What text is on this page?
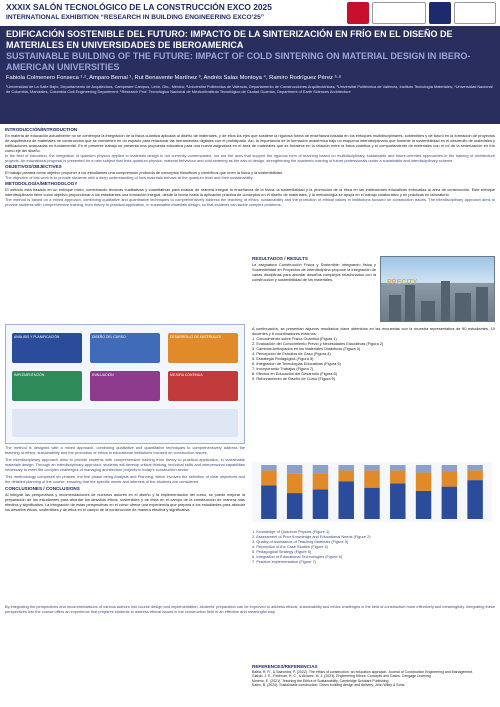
XXXIX SALÓN TECNOLÓGICO DE LA CONSTRUCCIÓN EXCO 2025
INTERNATIONAL EXHIBITION “RESEARCH IN BUILDING ENGINEERING EXCO’25”
EDIFICACIÓN SOSTENIBLE DEL FUTURO: IMPACTO DE LA SINTERIZACIÓN EN FRÍO EN EL DISEÑO DE MATERIALES EN UNIVERSIDADES DE IBEROAMERICA
SUSTAINABLE BUILDING OF THE FUTURE: IMPACT OF COLD SINTERING ON MATERIAL DESIGN IN IBERO-AMERICAN UNIVERSITIES
Fabiola Colmenero Fonseca ¹·², Amparo Bernal ¹, Rut Benavente Martínez ³, Andrés Salas Montoya ⁴, Ramiro Rodríguez Pérez ⁵·⁶
¹Universidad de La Salle Bajío, Departamento de Arquitectura, Campestre Campus, León, Gto., México; ²Universitat Politècnica de València, Departamento de Construcciones Arquitectónicas; ³Universitat Politècnica de València, Instituto Tecnología Materiales; ⁴Universidad Nacional de Colombia, Manizales, Colombia Civil Engineering Department; ⁵Research Prof. Tecnológico Nacional de México/Instituto Tecnológico de Ciudad Guzmán, Department of Earth Sciences Architecture
INTRODUCCIÓN/INTRODUCTION
En materia de educación actualmente no se contempla la integración de la física cuántica aplicada al diseño de materiales, y de ellos los ejes que sostiene la rigurosa forma de enseñanza basada en los enfoques multidisciplinares, sostenibles y de futuro en la formación de proyectos de arquitectura de materiales de construcción que se convierten en un espacio para relacionar las herramientas digitales con el prototipado. Así, la importancia de la formación académica bajo un esquema interdisciplinario que fomente la sostenibilidad en el desarrollo de materiales y edificaciones avanzadas es fundamental. En el presente trabajo se presenta una propuesta educativa para una nueva asignatura en el área de materiales que se fortalece en la relación entre la física cuántica y el comportamiento de materiales con el rol de la sinterización en frío como eje del diseño.
In the field of education, the integration of quantum physics applied to materials design is not currently contemplated, nor are the axes that support the rigorous form of teaching based on multidisciplinary, sustainable and future-oriented approaches in the training of architecture projects. An educational proposal is presented for a new subject that links quantum physics, material behaviour and cold sintering as the axis of design, strengthening the academic training of future professionals under a sustainable and interdisciplinary scheme.
OBJETIVOS/OBJECTIVES
El trabajo plantea como objetivo proponer a los estudiantes una comprensión profunda de conceptos filosóficos y científicos que unen la física y la sostenibilidad.
The objective of this work is to provide students with a deep understanding of how materials behave at the quantum level and their sustainability.
METODOLOGÍA/METHODOLOGY
El método está basado en un enfoque mixto, combinando técnicas cualitativas y cuantitativas para evaluar de manera integral la enseñanza de la física, la sostenibilidad y la promoción de la ética en las instituciones educativas enfocadas al área de construcción. Este enfoque interdisciplinario tiene como objetivo proporcionar a los estudiantes una formación integral, desde la teoría hasta la aplicación práctica de conceptos en el diseño de materiales, y la metodología se apoya en el trabajo colaborativo y en prácticas en laboratorio.
The method is based on a mixed approach, combining qualitative and quantitative techniques to comprehensively address the teaching of ethics, sustainability and the promotion of ethical values in institutions focused on construction issues. The interdisciplinary approach aims to provide students with comprehensive training, from theory to practical application, in sustainable materials design, so that students can tackle complex problems.
ANÁLISIS Y PLANIFICACIÓN	DISEÑO DEL CURSO	DESARROLLO DE MATERIALES
IMPLEMENTACIÓN	EVALUACIÓN	MEJORA CONTINUA
The method is designed with a mixed approach, combining qualitative and quantitative techniques to comprehensively address the teaching of ethics, sustainability and the promotion of ethics in educational institutions focused on construction issues.
The interdisciplinary approach aims to provide students with comprehensive training from theory to practical application, in sustainable materials design. Through an interdisciplinary approach, students will develop critical thinking, technical skills and interpersonal capabilities necessary to meet the complex challenges of managing architecture projects in today’s construction sector.
This methodology comprises six phases, the first phase being Analysis and Planning, which involves the definition of clear objectives and the detailed planning of the course, ensuring that the specific needs and interests of the students are considered.
CONCLUSIONES / CONCLUSIONS
Al integrar las perspectivas y recomendaciones de nuestros autores en el diseño y la implementación del curso, se puede mejorar la preparación de los estudiantes para abordar los desafíos éticos, sostenibles y de ética en el campo de la construcción de manera más efectiva y significativa. La integración de estas perspectivas en el curso ofrece una experiencia que prepara a los estudiantes para abordar los desafíos éticos, sostenibles y de ética en el campo de la construcción de manera efectiva y significativa.
RESULTADOS / RESULTS
La asignatura Construcción Física y Sostenible: integrando física y Sostenibilidad en Proyectos de Interdisciplina propone la integración de varias disciplinas para abordar desafíos complejos relacionados con la construcción y sostenibilidad de los materiales.	PRECITY
A continuación, se presentan algunos resultados clave obtenidos en las encuestas con la muestra representativa de 90 estudiantes, 10 docentes y 6 coordinadores externos:
1. Conocimiento sobre Física Cuántica (Figura 1)
2. Evaluación del Conocimiento Previo y Necesidades Educativas (Figura 2)
3. Cambios Anticipados en los Materiales Didácticos (Figura 3)
4. Percepción de Estudios de Caso (Figura 4)
5. Estrategia Pedagógica (Figura 5)
6. Integración de Tecnologías Educativas (Figura 6)
7. Incorporando Trabajos (Figura 7)
8. Efectos en Educación del Desarrollo (Figura 8)
9. Reforzamiento de Diseño de Curso (Figura 9)
1. Knowledge of Quantum Physics (Figure 1)
2. Assessment of Prior Knowledge and Educational Needs (Figure 2)
3. Quality of Assistance of Teaching Materials (Figure 3)
4. Perception of the Case Studies (Figure 4)
5. Pedagogical Strategy (Figure 5)
6. Integration of Educational Technologies (Figure 6)
7. Practice Implementation (Figure 7)
By integrating the perspectives and recommendations of various authors into course design and implementation, students’ preparation can be improved to address ethical, sustainability and ethics challenges in the field of construction more effectively and meaningfully. Integrating these perspectives into the course offers an experience that prepares students to address ethical issues in the construction field in an effective and meaningful way.
REFERENCES/REFERENCIAS
Bahia, R. R., & Saavedra, P. (2022). The ethics of construction: an education approach. Journal of Construction Engineering and Management.
Giardo, J. E., Feldman, R. C., & Alvarez, M. J. (2023). Engineering Ethics: Concepts and Cases. Cengage Learning.
Moreno, E. (2021). Teaching the Ethics of Sustainability. Cambridge Scholars Publishing.
Kalen, B. (2024). Sustainable construction: Green building design and delivery. John Wiley & Sons.
